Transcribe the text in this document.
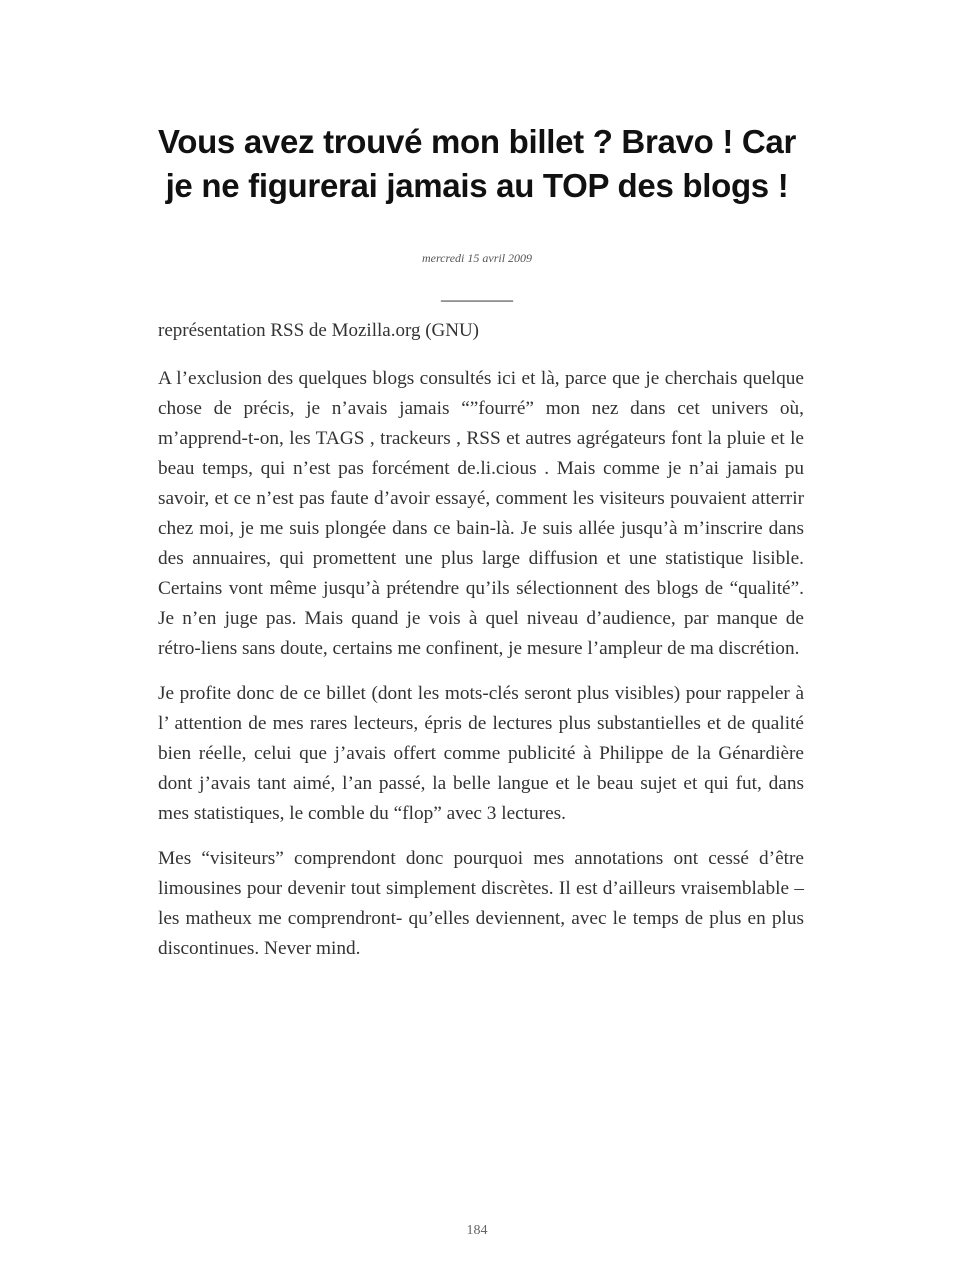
Vous avez trouvé mon billet ? Bravo ! Car je ne figurerai jamais au TOP des blogs !
mercredi 15 avril 2009
________
représentation RSS de Mozilla.org (GNU)

A l’exclusion des quelques blogs consultés ici et là, parce que je cherchais quelque chose de précis, je n’avais jamais “”fourré” mon nez dans cet univers où, m’apprend-t-on, les TAGS , trackeurs , RSS et autres agrégateurs font la pluie et le beau temps, qui n’est pas forcément de.li.cious . Mais comme je n’ai jamais pu savoir, et ce n’est pas faute d’avoir essayé, comment les visiteurs pouvaient atterrir chez moi, je me suis plongée dans ce bain-là. Je suis allée jusqu’à m’inscrire dans des annuaires, qui promettent une plus large diffusion et une statistique lisible. Certains vont même jusqu’à prétendre qu’ils sélectionnent des blogs de “qualité”. Je n’en juge pas. Mais quand je vois à quel niveau d’audience, par manque de rétro-liens sans doute, certains me confinent, je mesure l’ampleur de ma discrétion.

Je profite donc de ce billet (dont les mots-clés seront plus visibles) pour rappeler à l’ attention de mes rares lecteurs, épris de lectures plus substantielles et de qualité bien réelle, celui que j’avais offert comme publicité à Philippe de la Génardière dont j’avais tant aimé, l’an passé, la belle langue et le beau sujet et qui fut, dans mes statistiques, le comble du “flop” avec 3 lectures.

Mes “visiteurs” comprendont donc pourquoi mes annotations ont cessé d’être limousines pour devenir tout simplement discrètes. Il est d’ailleurs vraisemblable – les matheux me comprendront- qu’elles deviennent, avec le temps de plus en plus discontinues. Never mind.

184
